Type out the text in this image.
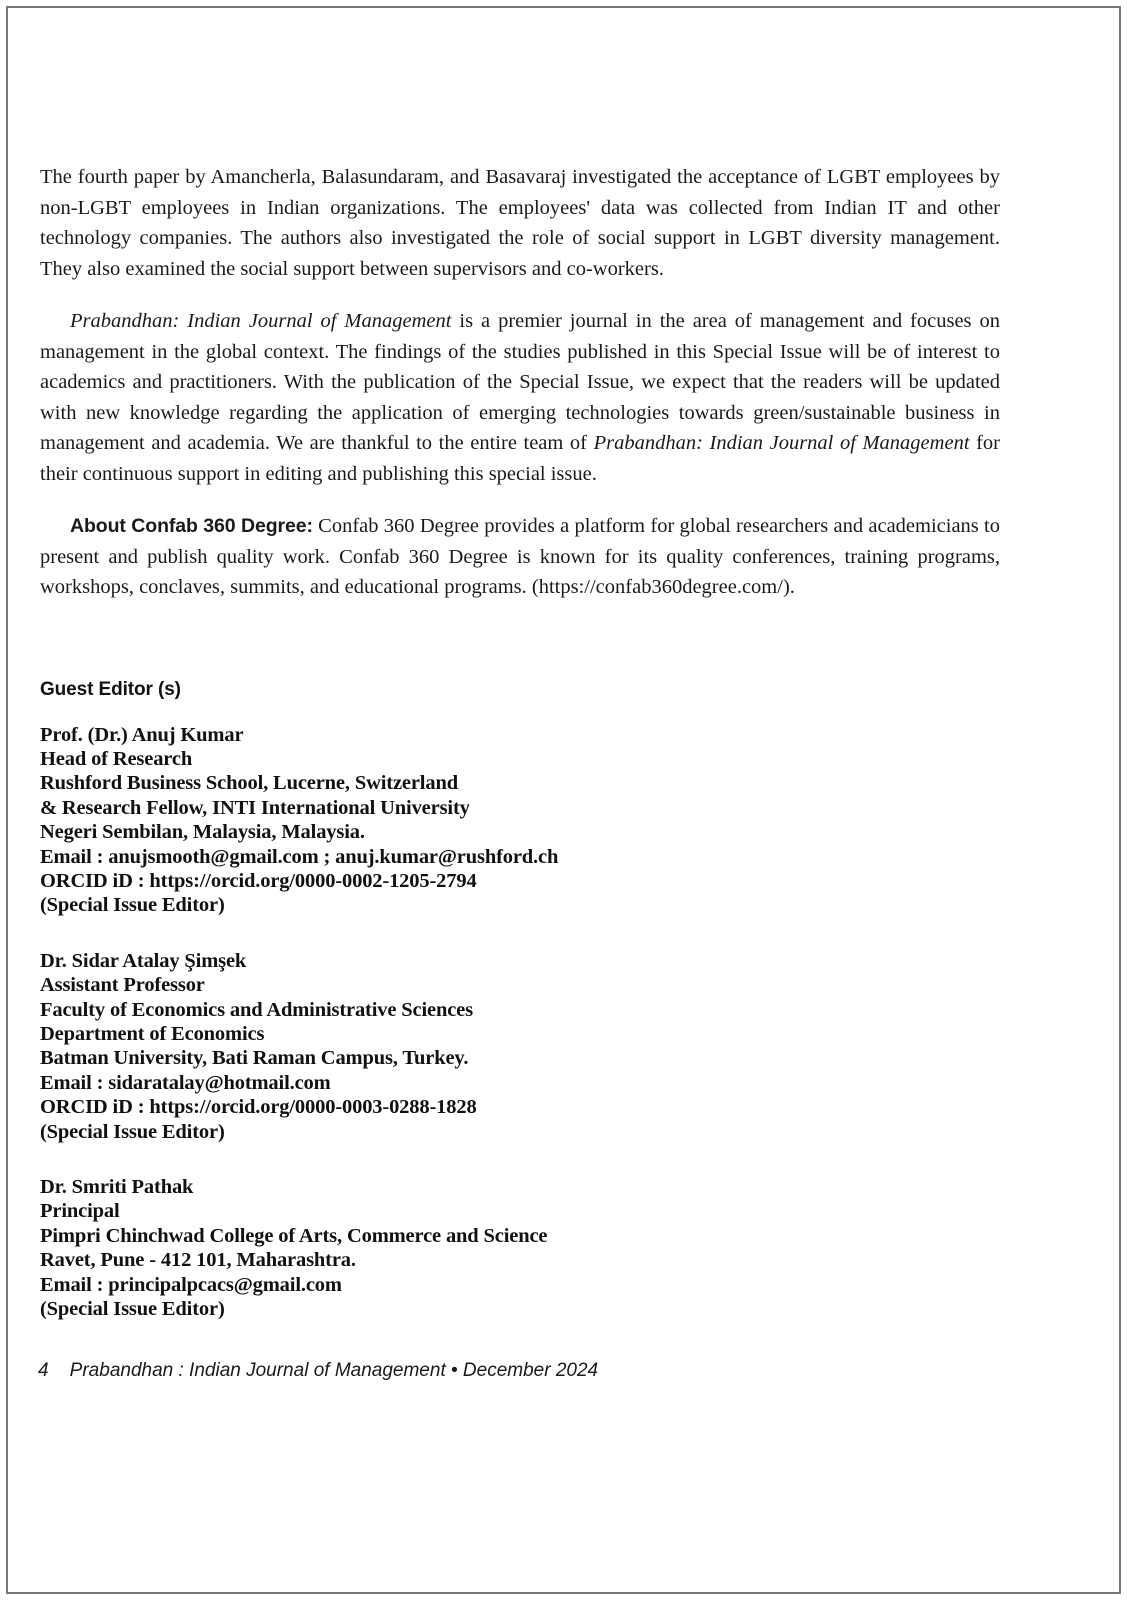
The fourth paper by Amancherla, Balasundaram, and Basavaraj investigated the acceptance of LGBT employees by non-LGBT employees in Indian organizations. The employees' data was collected from Indian IT and other technology companies. The authors also investigated the role of social support in LGBT diversity management. They also examined the social support between supervisors and co-workers.

Prabandhan: Indian Journal of Management is a premier journal in the area of management and focuses on management in the global context. The findings of the studies published in this Special Issue will be of interest to academics and practitioners. With the publication of the Special Issue, we expect that the readers will be updated with new knowledge regarding the application of emerging technologies towards green/sustainable business in management and academia. We are thankful to the entire team of Prabandhan: Indian Journal of Management for their continuous support in editing and publishing this special issue.

About Confab 360 Degree: Confab 360 Degree provides a platform for global researchers and academicians to present and publish quality work. Confab 360 Degree is known for its quality conferences, training programs, workshops, conclaves, summits, and educational programs. (https://confab360degree.com/).

Guest Editor (s)
Prof. (Dr.) Anuj Kumar
Head of Research
Rushford Business School, Lucerne, Switzerland
& Research Fellow, INTI International University
Negeri Sembilan, Malaysia, Malaysia.
Email : anujsmooth@gmail.com ; anuj.kumar@rushford.ch
ORCID iD : https://orcid.org/0000-0002-1205-2794
(Special Issue Editor)
Dr. Sidar Atalay Şimşek
Assistant Professor
Faculty of Economics and Administrative Sciences
Department of Economics
Batman University, Bati Raman Campus, Turkey.
Email : sidaratalay@hotmail.com
ORCID iD : https://orcid.org/0000-0003-0288-1828
(Special Issue Editor)
Dr. Smriti Pathak
Principal
Pimpri Chinchwad College of Arts, Commerce and Science
Ravet, Pune - 412 101, Maharashtra.
Email : principalpcacs@gmail.com
(Special Issue Editor)
4    Prabandhan : Indian Journal of Management • December 2024
